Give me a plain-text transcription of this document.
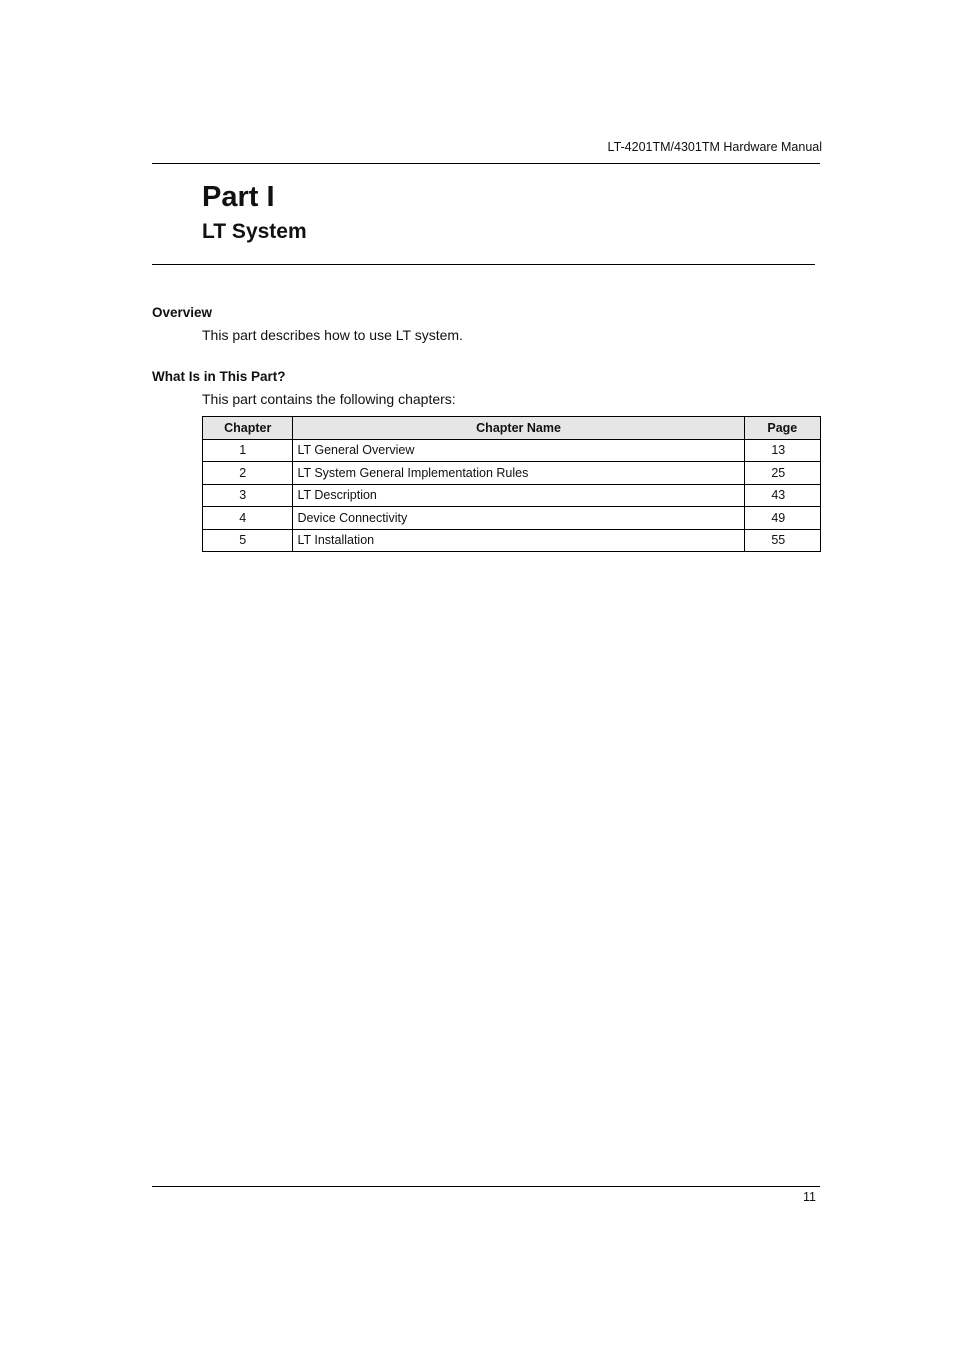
LT-4201TM/4301TM Hardware Manual
Part I
LT System
Overview
This part describes how to use LT system.
What Is in This Part?
This part contains the following chapters:
Chapter	Chapter Name	Page
1	LT General Overview	13
2	LT System General Implementation Rules	25
3	LT Description	43
4	Device Connectivity	49
5	LT Installation	55
11
